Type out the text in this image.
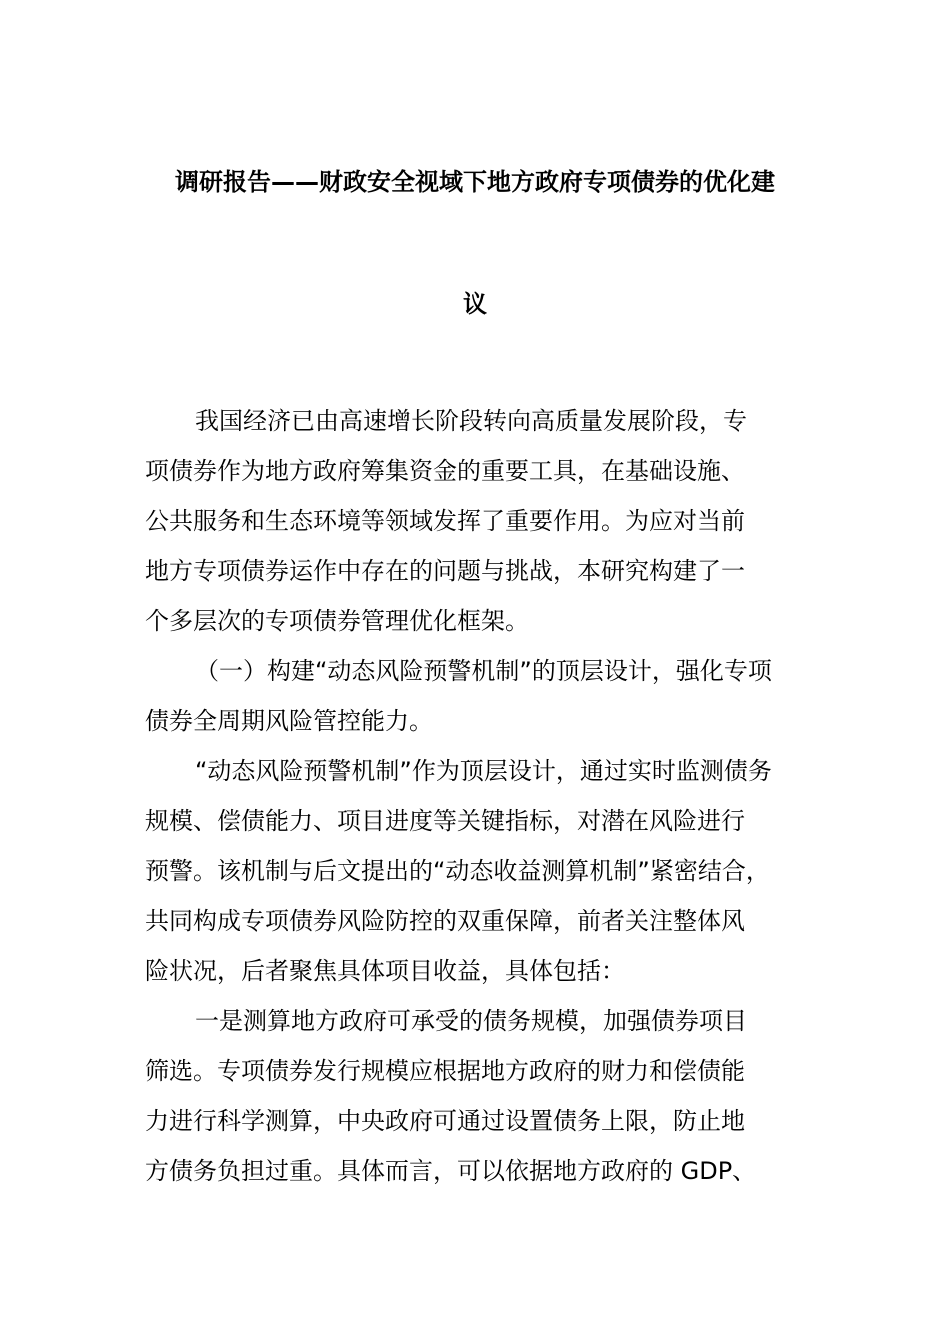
调研报告——财政安全视域下地方政府专项债券的优化建
议
我国经济已由高速增长阶段转向高质量发展阶段，专
项债券作为地方政府筹集资金的重要工具，在基础设施、
公共服务和生态环境等领域发挥了重要作用。为应对当前
地方专项债券运作中存在的问题与挑战，本研究构建了一
个多层次的专项债券管理优化框架。
（一）构建“动态风险预警机制”的顶层设计，强化专项
债券全周期风险管控能力。
“动态风险预警机制”作为顶层设计，通过实时监测债务
规模、偿债能力、项目进度等关键指标，对潜在风险进行
预警。该机制与后文提出的“动态收益测算机制”紧密结合，
共同构成专项债券风险防控的双重保障，前者关注整体风
险状况，后者聚焦具体项目收益，具体包括：
一是测算地方政府可承受的债务规模，加强债券项目
筛选。专项债券发行规模应根据地方政府的财力和偿债能
力进行科学测算，中央政府可通过设置债务上限，防止地
方债务负担过重。具体而言，可以依据地方政府的 GDP、
